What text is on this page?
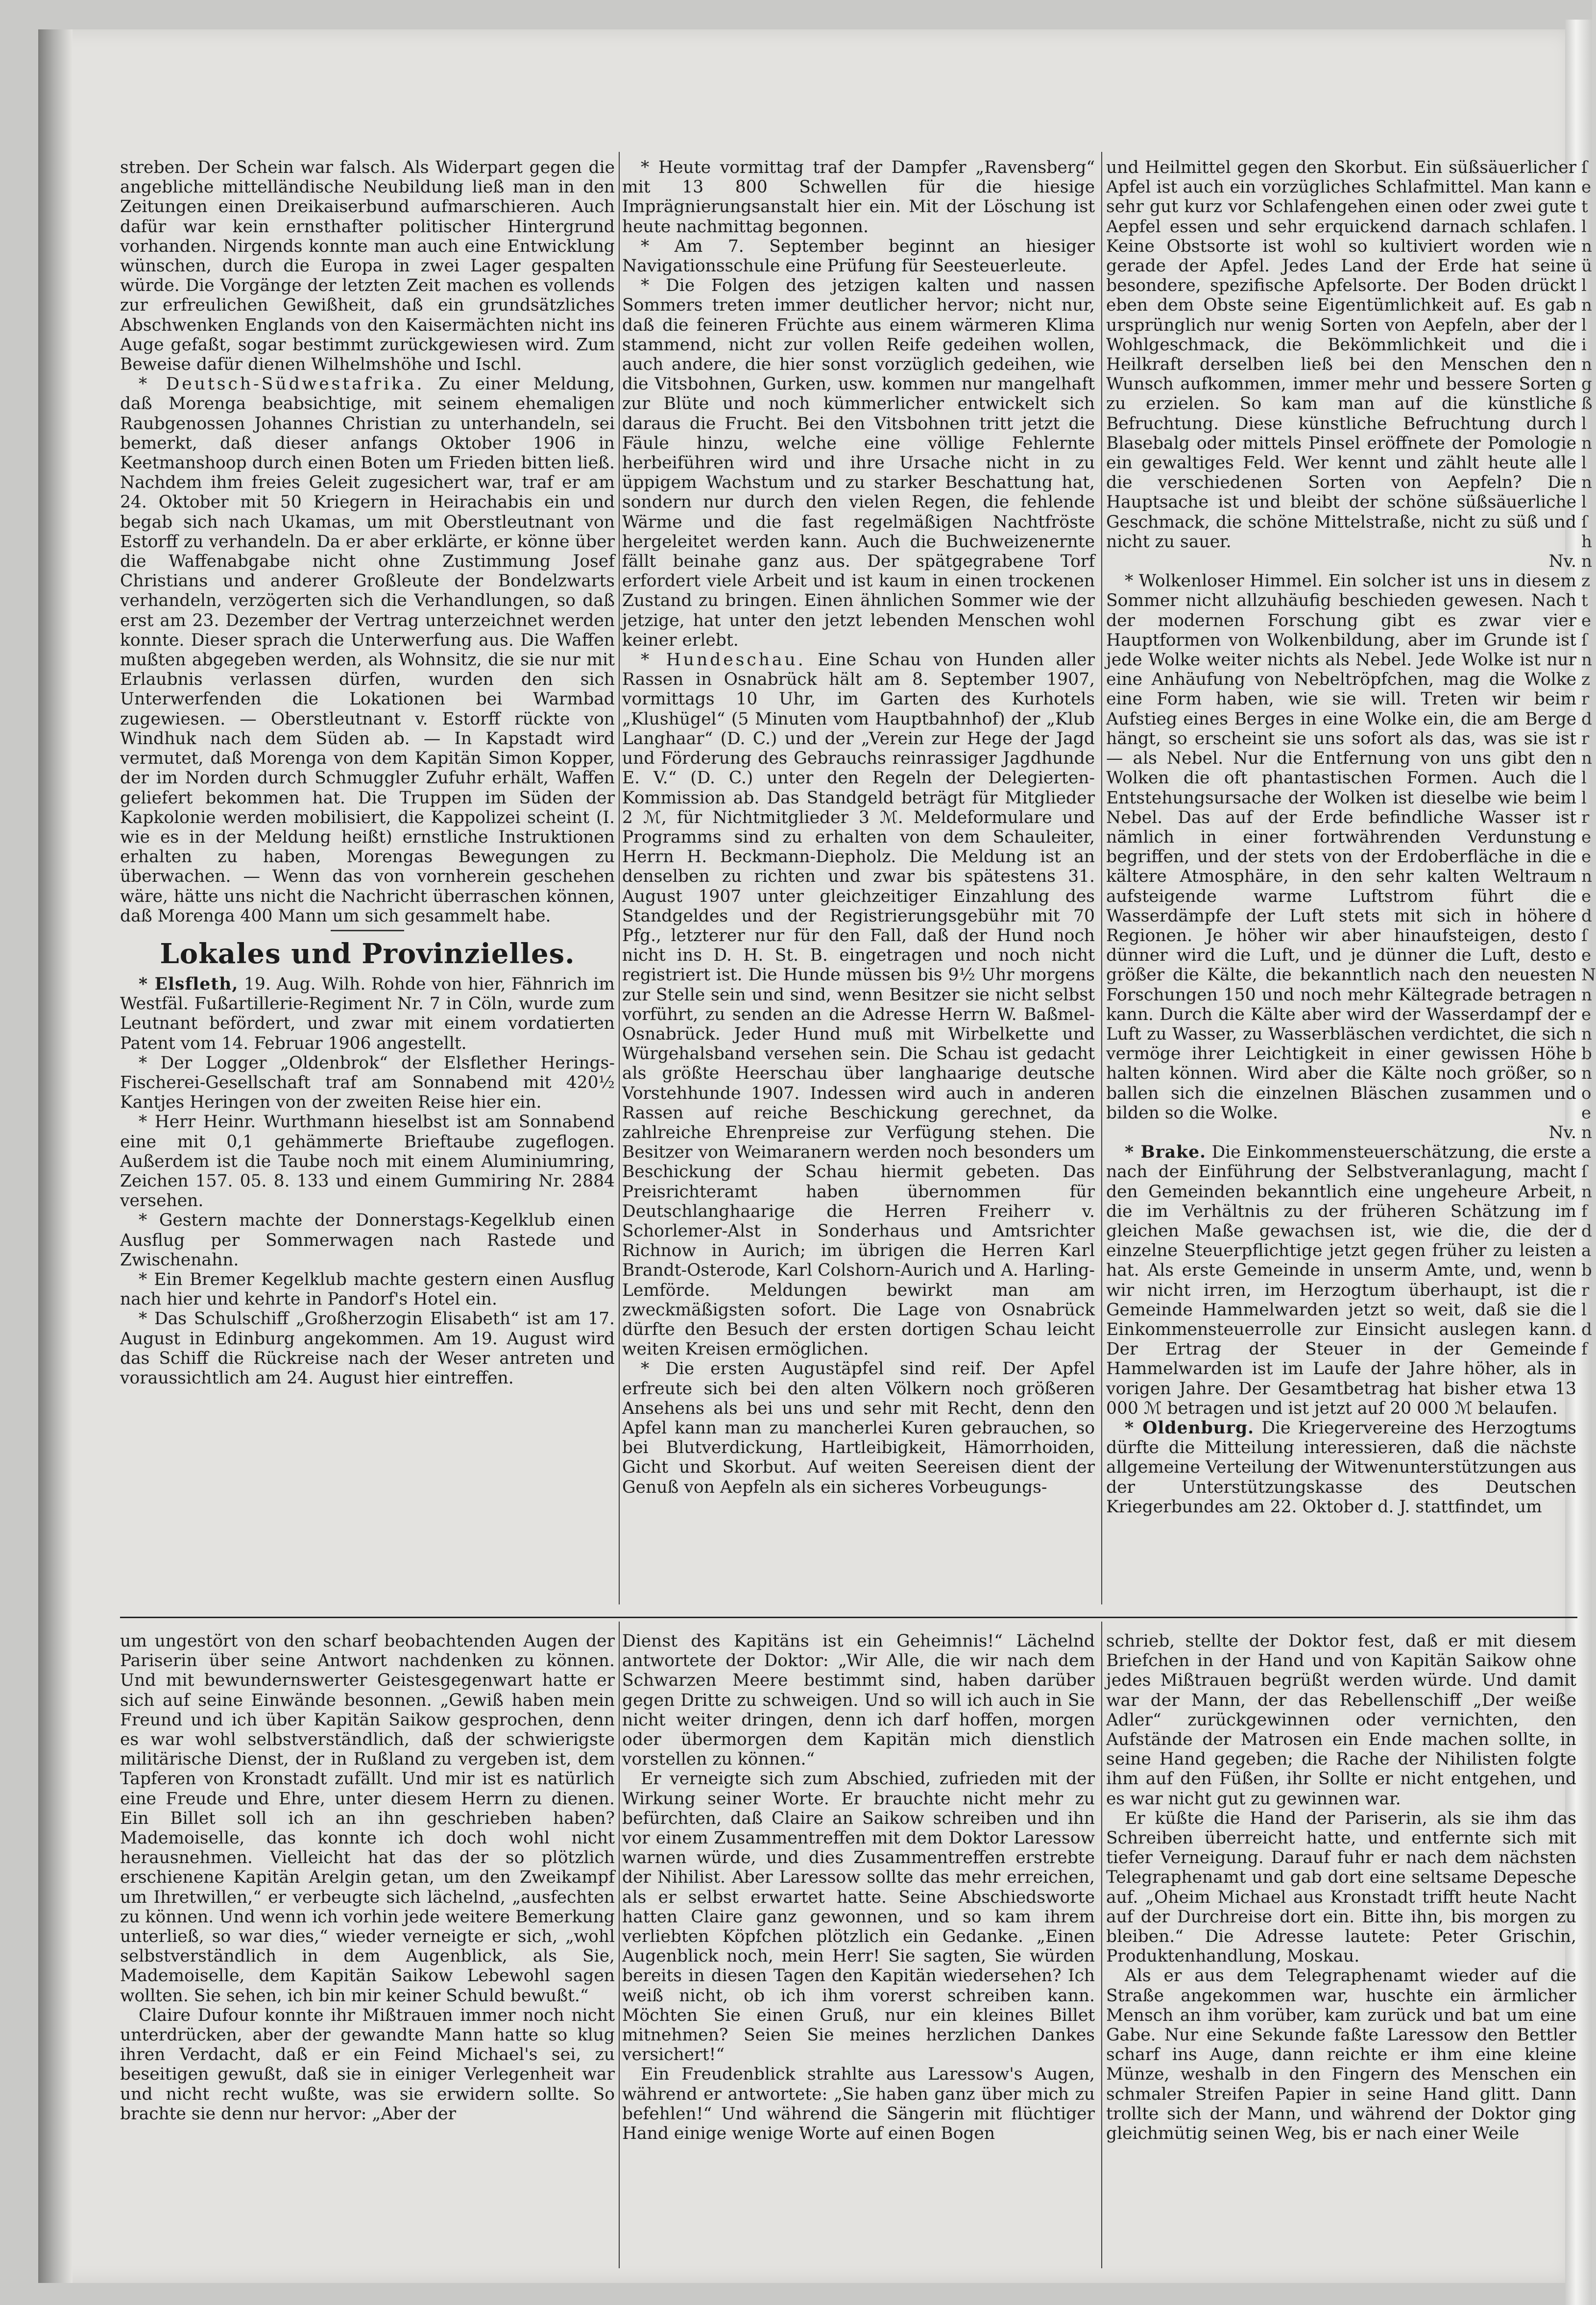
streben. Der Schein war falsch. Als Widerpart gegen die angebliche mittelländische Neubildung ließ man in den Zeitungen einen Dreikaiserbund aufmarschieren. Auch dafür war kein ernsthafter politischer Hintergrund vorhanden. Nirgends konnte man auch eine Entwicklung wünschen, durch die Europa in zwei Lager gespalten würde. Die Vorgänge der letzten Zeit machen es vollends zur erfreulichen Gewißheit, daß ein grundsätzliches Abschwenken Englands von den Kaisermächten nicht ins Auge gefaßt, sogar bestimmt zurückgewiesen wird. Zum Beweise dafür dienen Wilhelmshöhe und Ischl.

* Deutsch-Südwestafrika. Zu einer Meldung, daß Morenga beabsichtige, mit seinem ehemaligen Raubgenossen Johannes Christian zu unterhandeln, sei bemerkt, daß dieser anfangs Oktober 1906 in Keetmanshoop durch einen Boten um Frieden bitten ließ. Nachdem ihm freies Geleit zugesichert war, traf er am 24. Oktober mit 50 Kriegern in Heirachabis ein und begab sich nach Ukamas, um mit Oberstleutnant von Estorff zu verhandeln. Da er aber erklärte, er könne über die Waffenabgabe nicht ohne Zustimmung Josef Christians und anderer Großleute der Bondelzwarts verhandeln, verzögerten sich die Verhandlungen, so daß erst am 23. Dezember der Vertrag unterzeichnet werden konnte. Dieser sprach die Unterwerfung aus. Die Waffen mußten abgegeben werden, als Wohnsitz, die sie nur mit Erlaubnis verlassen dürfen, wurden den sich Unterwerfenden die Lokationen bei Warmbad zugewiesen. — Oberstleutnant v. Estorff rückte von Windhuk nach dem Süden ab. — In Kapstadt wird vermutet, daß Morenga von dem Kapitän Simon Kopper, der im Norden durch Schmuggler Zufuhr erhält, Waffen geliefert bekommen hat. Die Truppen im Süden der Kapkolonie werden mobilisiert, die Kappolizei scheint (I. wie es in der Meldung heißt) ernstliche Instruktionen erhalten zu haben, Morengas Bewegungen zu überwachen. — Wenn das von vornherein geschehen wäre, hätte uns nicht die Nachricht überraschen können, daß Morenga 400 Mann um sich gesammelt habe.

Lokales und Provinzielles.

* Elsfleth, 19. Aug. Wilh. Rohde von hier, Fähnrich im Westfäl. Fußartillerie-Regiment Nr. 7 in Cöln, wurde zum Leutnant befördert, und zwar mit einem vordatierten Patent vom 14. Februar 1906 angestellt.

* Der Logger „Oldenbrok“ der Elsflether Herings-Fischerei-Gesellschaft traf am Sonnabend mit 420½ Kantjes Heringen von der zweiten Reise hier ein.

* Herr Heinr. Wurthmann hieselbst ist am Sonnabend eine mit 0,1 gehämmerte Brieftaube zugeflogen. Außerdem ist die Taube noch mit einem Aluminiumring, Zeichen 157. 05. 8. 133 und einem Gummiring Nr. 2884 versehen.

* Gestern machte der Donnerstags-Kegelklub einen Ausflug per Sommerwagen nach Rastede und Zwischenahn.

* Ein Bremer Kegelklub machte gestern einen Ausflug nach hier und kehrte in Pandorf's Hotel ein.

* Das Schulschiff „Großherzogin Elisabeth“ ist am 17. August in Edinburg angekommen. Am 19. August wird das Schiff die Rückreise nach der Weser antreten und voraussichtlich am 24. August hier eintreffen.

* Heute vormittag traf der Dampfer „Ravensberg“ mit 13 800 Schwellen für die hiesige Imprägnierungsanstalt hier ein. Mit der Löschung ist heute nachmittag begonnen.

* Am 7. September beginnt an hiesiger Navigationsschule eine Prüfung für Seesteuerleute.

* Die Folgen des jetzigen kalten und nassen Sommers treten immer deutlicher hervor; nicht nur, daß die feineren Früchte aus einem wärmeren Klima stammend, nicht zur vollen Reife gedeihen wollen, auch andere, die hier sonst vorzüglich gedeihen, wie die Vitsbohnen, Gurken, usw. kommen nur mangelhaft zur Blüte und noch kümmerlicher entwickelt sich daraus die Frucht. Bei den Vitsbohnen tritt jetzt die Fäule hinzu, welche eine völlige Fehlernte herbeiführen wird und ihre Ursache nicht in zu üppigem Wachstum und zu starker Beschattung hat, sondern nur durch den vielen Regen, die fehlende Wärme und die fast regelmäßigen Nachtfröste hergeleitet werden kann. Auch die Buchweizenernte fällt beinahe ganz aus. Der spätgegrabene Torf erfordert viele Arbeit und ist kaum in einen trockenen Zustand zu bringen. Einen ähnlichen Sommer wie der jetzige, hat unter den jetzt lebenden Menschen wohl keiner erlebt.

* Hundeschau. Eine Schau von Hunden aller Rassen in Osnabrück hält am 8. September 1907, vormittags 10 Uhr, im Garten des Kurhotels „Klushügel“ (5 Minuten vom Hauptbahnhof) der „Klub Langhaar“ (D. C.) und der „Verein zur Hege der Jagd und Förderung des Gebrauchs reinrassiger Jagdhunde E. V.“ (D. C.) unter den Regeln der Delegierten-Kommission ab. Das Standgeld beträgt für Mitglieder 2 ℳ, für Nichtmitglieder 3 ℳ. Meldeformulare und Programms sind zu erhalten von dem Schauleiter, Herrn H. Beckmann-Diepholz. Die Meldung ist an denselben zu richten und zwar bis spätestens 31. August 1907 unter gleichzeitiger Einzahlung des Standgeldes und der Registrierungsgebühr mit 70 Pfg., letzterer nur für den Fall, daß der Hund noch nicht ins D. H. St. B. eingetragen und noch nicht registriert ist. Die Hunde müssen bis 9½ Uhr morgens zur Stelle sein und sind, wenn Besitzer sie nicht selbst vorführt, zu senden an die Adresse Herrn W. Baßmel-Osnabrück. Jeder Hund muß mit Wirbelkette und Würgehalsband versehen sein. Die Schau ist gedacht als größte Heerschau über langhaarige deutsche Vorstehhunde 1907. Indessen wird auch in anderen Rassen auf reiche Beschickung gerechnet, da zahlreiche Ehrenpreise zur Verfügung stehen. Die Besitzer von Weimaranern werden noch besonders um Beschickung der Schau hiermit gebeten. Das Preisrichteramt haben übernommen für Deutschlanghaarige die Herren Freiherr v. Schorlemer-Alst in Sonderhaus und Amtsrichter Richnow in Aurich; im übrigen die Herren Karl Brandt-Osterode, Karl Colshorn-Aurich und A. Harling-Lemförde. Meldungen bewirkt man am zweckmäßigsten sofort. Die Lage von Osnabrück dürfte den Besuch der ersten dortigen Schau leicht weiten Kreisen ermöglichen.

* Die ersten Augustäpfel sind reif. Der Apfel erfreute sich bei den alten Völkern noch größeren Ansehens als bei uns und sehr mit Recht, denn den Apfel kann man zu mancherlei Kuren gebrauchen, so bei Blutverdickung, Hartleibigkeit, Hämorrhoiden, Gicht und Skorbut. Auf weiten Seereisen dient der Genuß von Aepfeln als ein sicheres Vorbeugungs-

und Heilmittel gegen den Skorbut. Ein süßsäuerlicher Apfel ist auch ein vorzügliches Schlafmittel. Man kann sehr gut kurz vor Schlafengehen einen oder zwei gute Aepfel essen und sehr erquickend darnach schlafen. Keine Obstsorte ist wohl so kultiviert worden wie gerade der Apfel. Jedes Land der Erde hat seine besondere, spezifische Apfelsorte. Der Boden drückt eben dem Obste seine Eigentümlichkeit auf. Es gab ursprünglich nur wenig Sorten von Aepfeln, aber der Wohlgeschmack, die Bekömmlichkeit und die Heilkraft derselben ließ bei den Menschen den Wunsch aufkommen, immer mehr und bessere Sorten zu erzielen. So kam man auf die künstliche Befruchtung. Diese künstliche Befruchtung durch Blasebalg oder mittels Pinsel eröffnete der Pomologie ein gewaltiges Feld. Wer kennt und zählt heute alle die verschiedenen Sorten von Aepfeln? Die Hauptsache ist und bleibt der schöne süßsäuerliche Geschmack, die schöne Mittelstraße, nicht zu süß und nicht zu sauer.

Nv.

* Wolkenloser Himmel. Ein solcher ist uns in diesem Sommer nicht allzuhäufig beschieden gewesen. Nach der modernen Forschung gibt es zwar vier Hauptformen von Wolkenbildung, aber im Grunde ist jede Wolke weiter nichts als Nebel. Jede Wolke ist nur eine Anhäufung von Nebeltröpfchen, mag die Wolke eine Form haben, wie sie will. Treten wir beim Aufstieg eines Berges in eine Wolke ein, die am Berge hängt, so erscheint sie uns sofort als das, was sie ist — als Nebel. Nur die Entfernung von uns gibt den Wolken die oft phantastischen Formen. Auch die Entstehungsursache der Wolken ist dieselbe wie beim Nebel. Das auf der Erde befindliche Wasser ist nämlich in einer fortwährenden Verdunstung begriffen, und der stets von der Erdoberfläche in die kältere Atmosphäre, in den sehr kalten Weltraum aufsteigende warme Luftstrom führt die Wasserdämpfe der Luft stets mit sich in höhere Regionen. Je höher wir aber hinaufsteigen, desto dünner wird die Luft, und je dünner die Luft, desto größer die Kälte, die bekanntlich nach den neuesten Forschungen 150 und noch mehr Kältegrade betragen kann. Durch die Kälte aber wird der Wasserdampf der Luft zu Wasser, zu Wasserbläschen verdichtet, die sich vermöge ihrer Leichtigkeit in einer gewissen Höhe halten können. Wird aber die Kälte noch größer, so ballen sich die einzelnen Bläschen zusammen und bilden so die Wolke.

Nv.

* Brake. Die Einkommensteuerschätzung, die erste nach der Einführung der Selbstveranlagung, macht den Gemeinden bekanntlich eine ungeheure Arbeit, die im Verhältnis zu der früheren Schätzung im gleichen Maße gewachsen ist, wie die, die der einzelne Steuerpflichtige jetzt gegen früher zu leisten hat. Als erste Gemeinde in unserm Amte, und, wenn wir nicht irren, im Herzogtum überhaupt, ist die Gemeinde Hammelwarden jetzt so weit, daß sie die Einkommensteuerrolle zur Einsicht auslegen kann. Der Ertrag der Steuer in der Gemeinde Hammelwarden ist im Laufe der Jahre höher, als in vorigen Jahre. Der Gesamtbetrag hat bisher etwa 13 000 ℳ betragen und ist jetzt auf 20 000 ℳ belaufen.

* Oldenburg. Die Kriegervereine des Herzogtums dürfte die Mitteilung interessieren, daß die nächste allgemeine Verteilung der Witwenunterstützungen aus der Unterstützungskasse des Deutschen Kriegerbundes am 22. Oktober d. J. stattfindet, um

um ungestört von den scharf beobachtenden Augen der Pariserin über seine Antwort nachdenken zu können. Und mit bewundernswerter Geistesgegenwart hatte er sich auf seine Einwände besonnen. „Gewiß haben mein Freund und ich über Kapitän Saikow gesprochen, denn es war wohl selbstverständlich, daß der schwierigste militärische Dienst, der in Rußland zu vergeben ist, dem Tapferen von Kronstadt zufällt. Und mir ist es natürlich eine Freude und Ehre, unter diesem Herrn zu dienen. Ein Billet soll ich an ihn geschrieben haben? Mademoiselle, das konnte ich doch wohl nicht herausnehmen. Vielleicht hat das der so plötzlich erschienene Kapitän Arelgin getan, um den Zweikampf um Ihretwillen,“ er verbeugte sich lächelnd, „ausfechten zu können. Und wenn ich vorhin jede weitere Bemerkung unterließ, so war dies,“ wieder verneigte er sich, „wohl selbstverständlich in dem Augenblick, als Sie, Mademoiselle, dem Kapitän Saikow Lebewohl sagen wollten. Sie sehen, ich bin mir keiner Schuld bewußt.“

Claire Dufour konnte ihr Mißtrauen immer noch nicht unterdrücken, aber der gewandte Mann hatte so klug ihren Verdacht, daß er ein Feind Michael's sei, zu beseitigen gewußt, daß sie in einiger Verlegenheit war und nicht recht wußte, was sie erwidern sollte. So brachte sie denn nur hervor: „Aber der

Dienst des Kapitäns ist ein Geheimnis!“ Lächelnd antwortete der Doktor: „Wir Alle, die wir nach dem Schwarzen Meere bestimmt sind, haben darüber gegen Dritte zu schweigen. Und so will ich auch in Sie nicht weiter dringen, denn ich darf hoffen, morgen oder übermorgen dem Kapitän mich dienstlich vorstellen zu können.“

Er verneigte sich zum Abschied, zufrieden mit der Wirkung seiner Worte. Er brauchte nicht mehr zu befürchten, daß Claire an Saikow schreiben und ihn vor einem Zusammentreffen mit dem Doktor Laressow warnen würde, und dies Zusammentreffen erstrebte der Nihilist. Aber Laressow sollte das mehr erreichen, als er selbst erwartet hatte. Seine Abschiedsworte hatten Claire ganz gewonnen, und so kam ihrem verliebten Köpfchen plötzlich ein Gedanke. „Einen Augenblick noch, mein Herr! Sie sagten, Sie würden bereits in diesen Tagen den Kapitän wiedersehen? Ich weiß nicht, ob ich ihm vorerst schreiben kann. Möchten Sie einen Gruß, nur ein kleines Billet mitnehmen? Seien Sie meines herzlichen Dankes versichert!“

Ein Freudenblick strahlte aus Laressow's Augen, während er antwortete: „Sie haben ganz über mich zu befehlen!“ Und während die Sängerin mit flüchtiger Hand einige wenige Worte auf einen Bogen

schrieb, stellte der Doktor fest, daß er mit diesem Briefchen in der Hand und von Kapitän Saikow ohne jedes Mißtrauen begrüßt werden würde. Und damit war der Mann, der das Rebellenschiff „Der weiße Adler“ zurückgewinnen oder vernichten, den Aufstände der Matrosen ein Ende machen sollte, in seine Hand gegeben; die Rache der Nihilisten folgte ihm auf den Füßen, ihr Sollte er nicht entgehen, und es war nicht gut zu gewinnen war.

Er küßte die Hand der Pariserin, als sie ihm das Schreiben überreicht hatte, und entfernte sich mit tiefer Verneigung. Darauf fuhr er nach dem nächsten Telegraphenamt und gab dort eine seltsame Depesche auf. „Oheim Michael aus Kronstadt trifft heute Nacht auf der Durchreise dort ein. Bitte ihn, bis morgen zu bleiben.“ Die Adresse lautete: Peter Grischin, Produktenhandlung, Moskau.

Als er aus dem Telegraphenamt wieder auf die Straße angekommen war, huschte ein ärmlicher Mensch an ihm vorüber, kam zurück und bat um eine Gabe. Nur eine Sekunde faßte Laressow den Bettler scharf ins Auge, dann reichte er ihm eine kleine Münze, weshalb in den Fingern des Menschen ein schmaler Streifen Papier in seine Hand glitt. Dann trollte sich der Mann, und während der Doktor ging gleichmütig seinen Weg, bis er nach einer Weile

ſ
e
t
l
n
ü
l
n
l
i
n
g
ß
l
n
l
n
l
ſ
h
n
z
t
e
ſ
n
z
r
d
r
n
l
l
r
e
e
n
e
d
ſ
e
N
n
e
n
b
n
o
e
n
a
ſ
n
f
d
a
b
r
l
d
f
